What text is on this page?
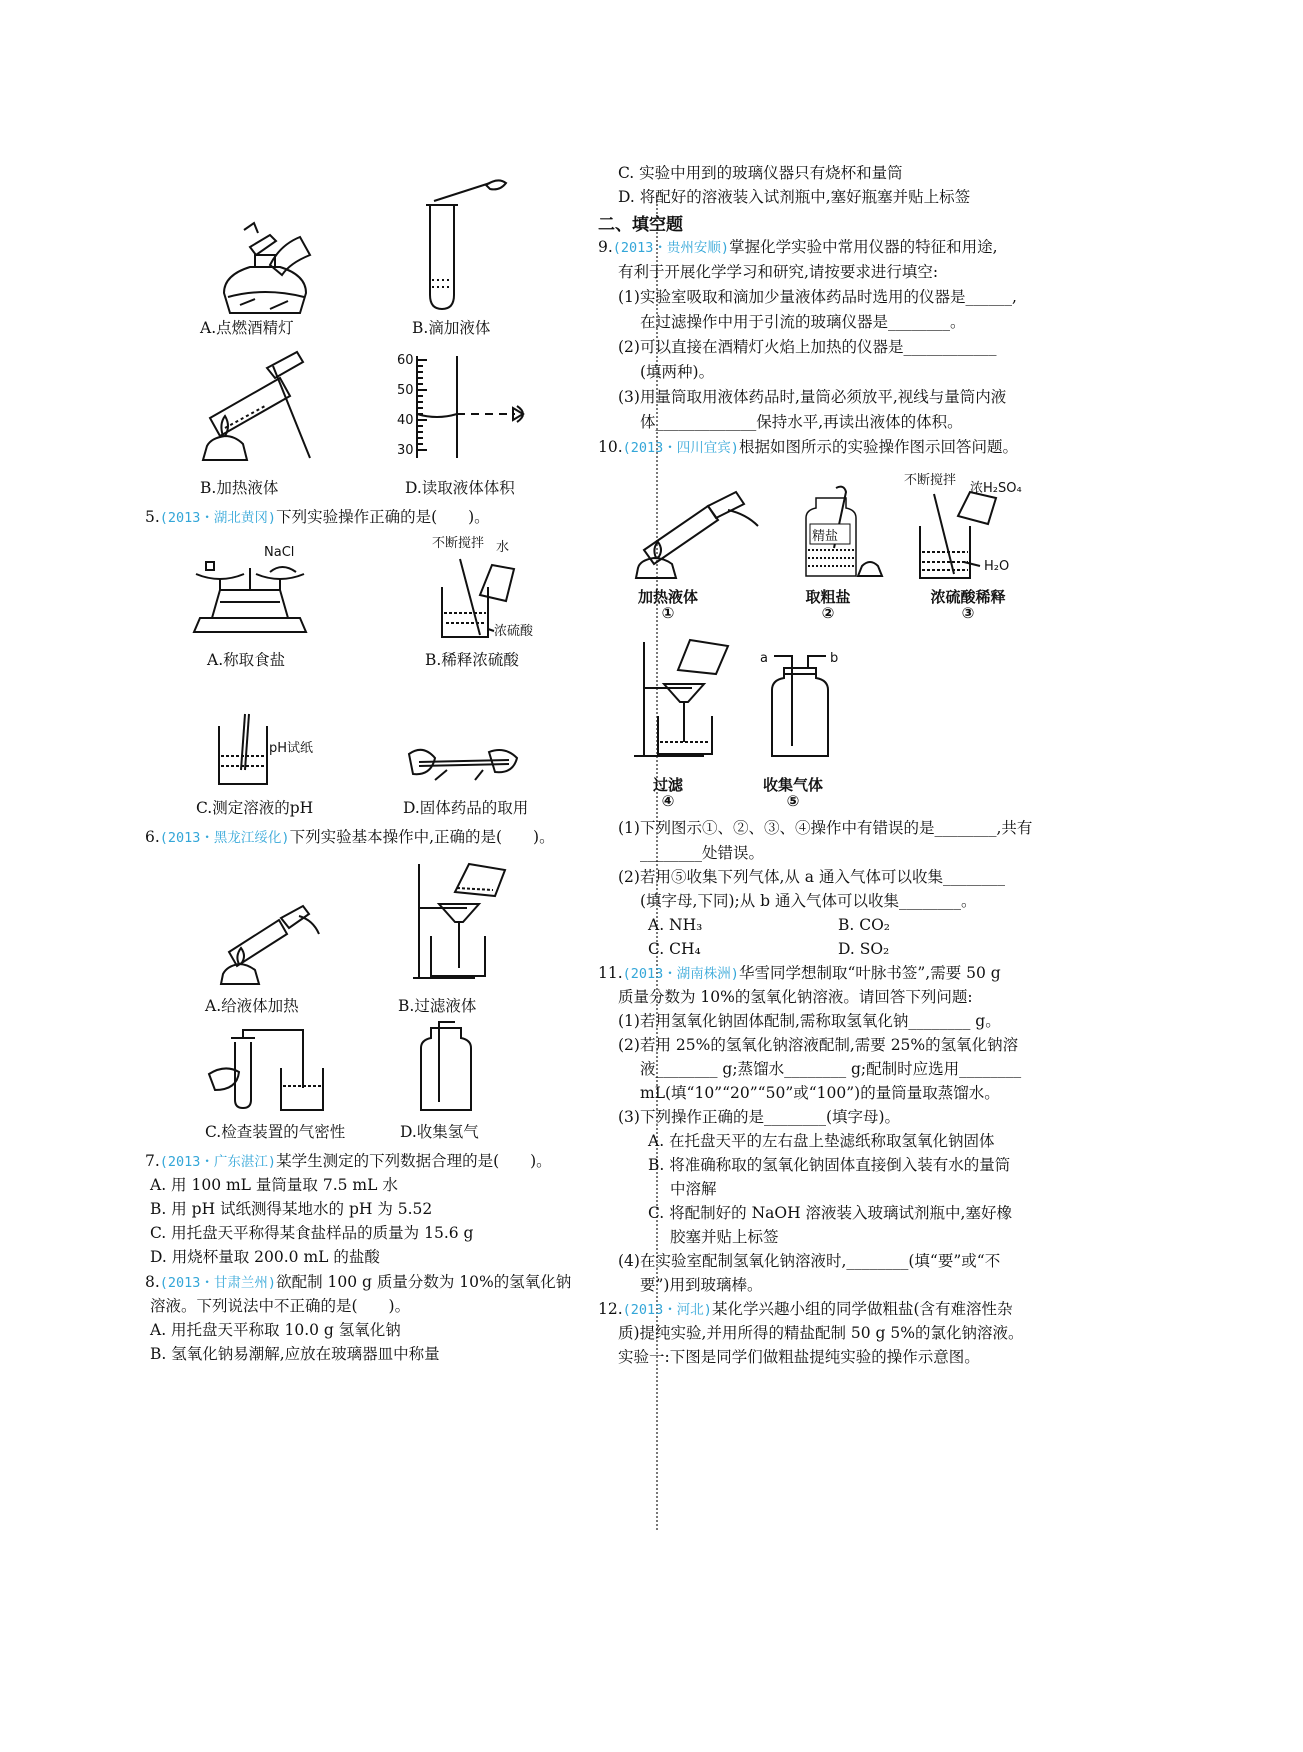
A.点燃酒精灯	B.滴加液体
B.加热液体
60
50
40
30
D.读取液体体积
5.(2013・湖北黄冈)下列实验操作正确的是(　　)。
NaCl
A.称取食盐
不断搅拌 水
浓硫酸
B.稀释浓硫酸
pH试纸
C.测定溶液的pH	D.固体药品的取用
6.(2013・黑龙江绥化)下列实验基本操作中,正确的是(　　)。
A.给液体加热	B.过滤液体
C.检查装置的气密性	D.收集氢气
7.(2013・广东湛江)某学生测定的下列数据合理的是(　　)。
A. 用 100 mL 量筒量取 7.5 mL 水
B. 用 pH 试纸测得某地水的 pH 为 5.52
C. 用托盘天平称得某食盐样品的质量为 15.6 g
D. 用烧杯量取 200.0 mL 的盐酸
8.(2013・甘肃兰州)欲配制 100 g 质量分数为 10%的氢氧化钠
溶液。下列说法中不正确的是(　　)。
A. 用托盘天平称取 10.0 g 氢氧化钠
B. 氢氧化钠易潮解,应放在玻璃器皿中称量
C. 实验中用到的玻璃仪器只有烧杯和量筒
D. 将配好的溶液装入试剂瓶中,塞好瓶塞并贴上标签
二、填空题
9.(2013・贵州安顺)掌握化学实验中常用仪器的特征和用途,
有利于开展化学学习和研究,请按要求进行填空:
(1)实验室吸取和滴加少量液体药品时选用的仪器是______,
在过滤操作中用于引流的玻璃仪器是________。
(2)可以直接在酒精灯火焰上加热的仪器是____________
(填两种)。
(3)用量筒取用液体药品时,量筒必须放平,视线与量筒内液
体_____________保持水平,再读出液体的体积。
10.(2013・四川宜宾)根据如图所示的实验操作图示回答问题。
加热液体
①
精盐
取粗盐
②
不断搅拌
浓H₂SO₄
H₂O
浓硫酸稀释
③
过滤
④
a	b
收集气体
⑤
(1)下列图示①、②、③、④操作中有错误的是________,共有
________处错误。
(2)若用⑤收集下列气体,从 a 通入气体可以收集________
(填字母,下同);从 b 通入气体可以收集________。
A. NH₃	B. CO₂
C. CH₄	D. SO₂
11.(2013・湖南株洲)华雪同学想制取“叶脉书签”,需要 50 g
质量分数为 10%的氢氧化钠溶液。请回答下列问题:
(1)若用氢氧化钠固体配制,需称取氢氧化钠________ g。
(2)若用 25%的氢氧化钠溶液配制,需要 25%的氢氧化钠溶
液________ g;蒸馏水________ g;配制时应选用________
mL(填“10”“20”“50”或“100”)的量筒量取蒸馏水。
(3)下列操作正确的是________(填字母)。
A. 在托盘天平的左右盘上垫滤纸称取氢氧化钠固体
B. 将准确称取的氢氧化钠固体直接倒入装有水的量筒
中溶解
C. 将配制好的 NaOH 溶液装入玻璃试剂瓶中,塞好橡
胶塞并贴上标签
(4)在实验室配制氢氧化钠溶液时,________(填“要”或“不
要”)用到玻璃棒。
12.(2013・河北)某化学兴趣小组的同学做粗盐(含有难溶性杂
质)提纯实验,并用所得的精盐配制 50 g 5%的氯化钠溶液。
实验一:下图是同学们做粗盐提纯实验的操作示意图。
